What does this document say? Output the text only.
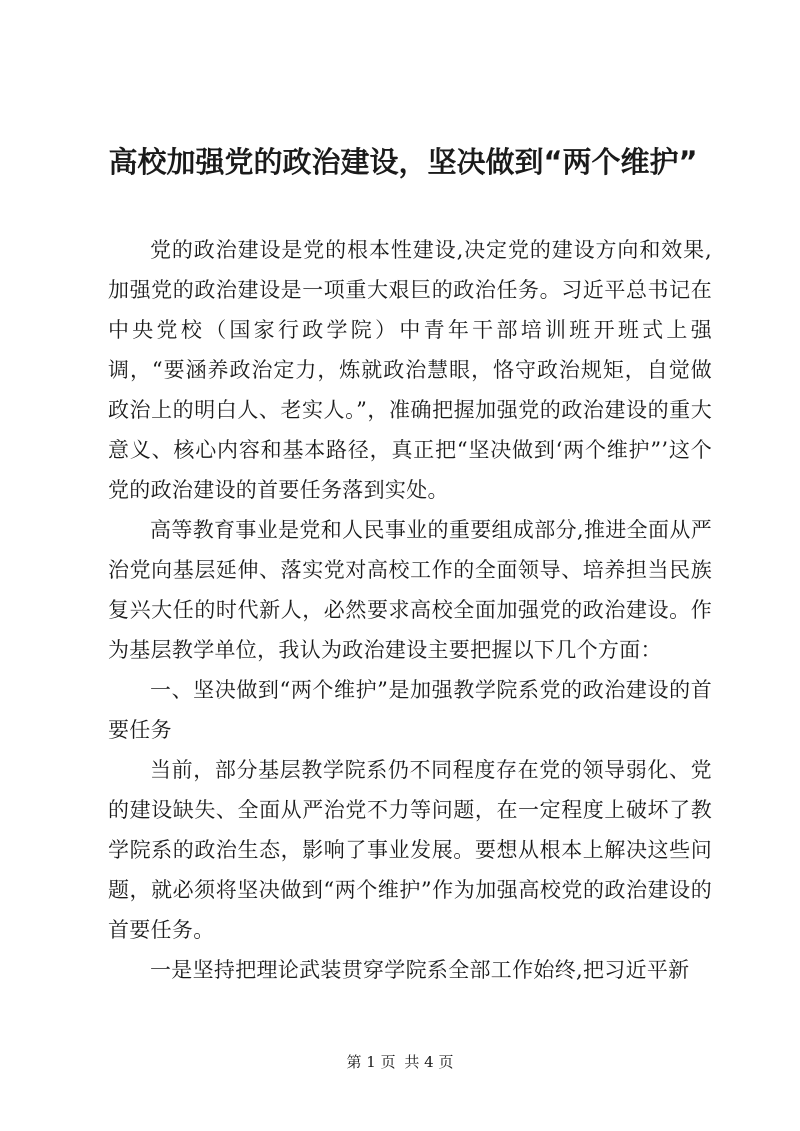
高校加强党的政治建设，坚决做到“两个维护”

党的政治建设是党的根本性建设,决定党的建设方向和效果,加强党的政治建设是一项重大艰巨的政治任务。习近平总书记在中央党校（国家行政学院）中青年干部培训班开班式上强调，“要涵养政治定力，炼就政治慧眼，恪守政治规矩，自觉做政治上的明白人、老实人。”，准确把握加强党的政治建设的重大意义、核心内容和基本路径，真正把“坚决做到‘两个维护”’这个党的政治建设的首要任务落到实处。

高等教育事业是党和人民事业的重要组成部分,推进全面从严治党向基层延伸、落实党对高校工作的全面领导、培养担当民族复兴大任的时代新人，必然要求高校全面加强党的政治建设。作为基层教学单位，我认为政治建设主要把握以下几个方面：

一、坚决做到“两个维护”是加强教学院系党的政治建设的首要任务

当前，部分基层教学院系仍不同程度存在党的领导弱化、党的建设缺失、全面从严治党不力等问题，在一定程度上破坏了教学院系的政治生态，影响了事业发展。要想从根本上解决这些问题，就必须将坚决做到“两个维护”作为加强高校党的政治建设的首要任务。

一是坚持把理论武装贯穿学院系全部工作始终,把习近平新

第 1 页 共 4 页
